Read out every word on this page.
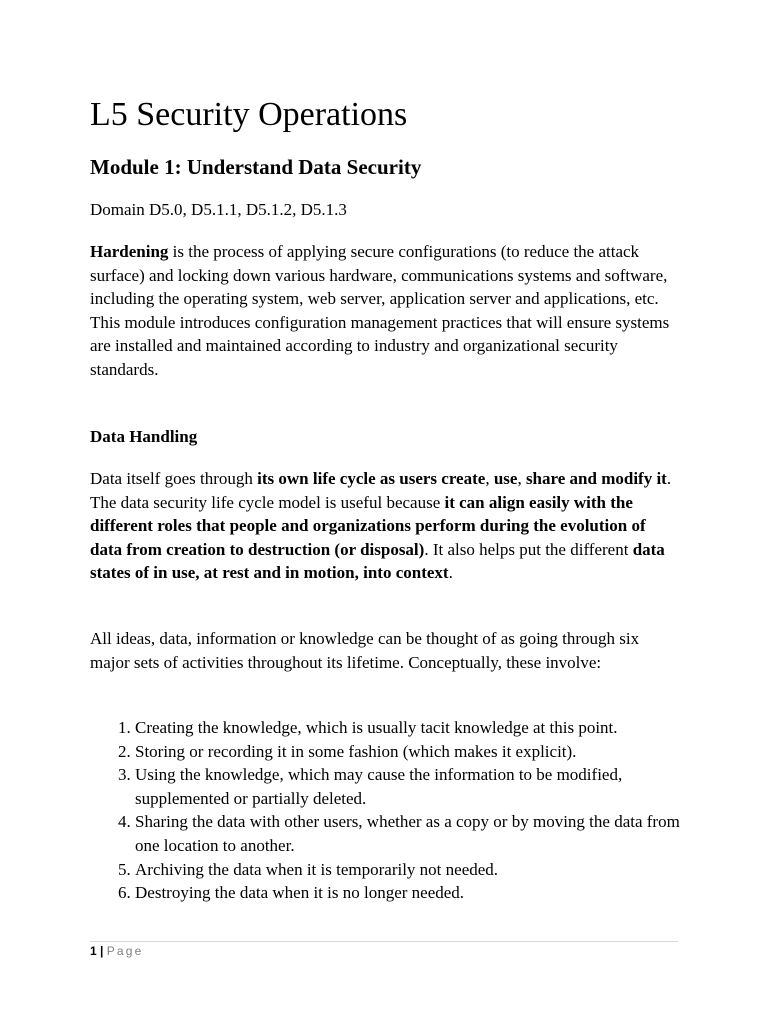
L5 Security Operations
Module 1: Understand Data Security

Domain D5.0, D5.1.1, D5.1.2, D5.1.3

Hardening is the process of applying secure configurations (to reduce the attack surface) and locking down various hardware, communications systems and software, including the operating system, web server, application server and applications, etc. This module introduces configuration management practices that will ensure systems are installed and maintained according to industry and organizational security standards.

Data Handling

Data itself goes through its own life cycle as users create, use, share and modify it. The data security life cycle model is useful because it can align easily with the different roles that people and organizations perform during the evolution of data from creation to destruction (or disposal). It also helps put the different data states of in use, at rest and in motion, into context.

All ideas, data, information or knowledge can be thought of as going through six major sets of activities throughout its lifetime. Conceptually, these involve:

1. Creating the knowledge, which is usually tacit knowledge at this point.
2. Storing or recording it in some fashion (which makes it explicit).
3. Using the knowledge, which may cause the information to be modified, supplemented or partially deleted.
4. Sharing the data with other users, whether as a copy or by moving the data from one location to another.
5. Archiving the data when it is temporarily not needed.
6. Destroying the data when it is no longer needed.
1 | Page
